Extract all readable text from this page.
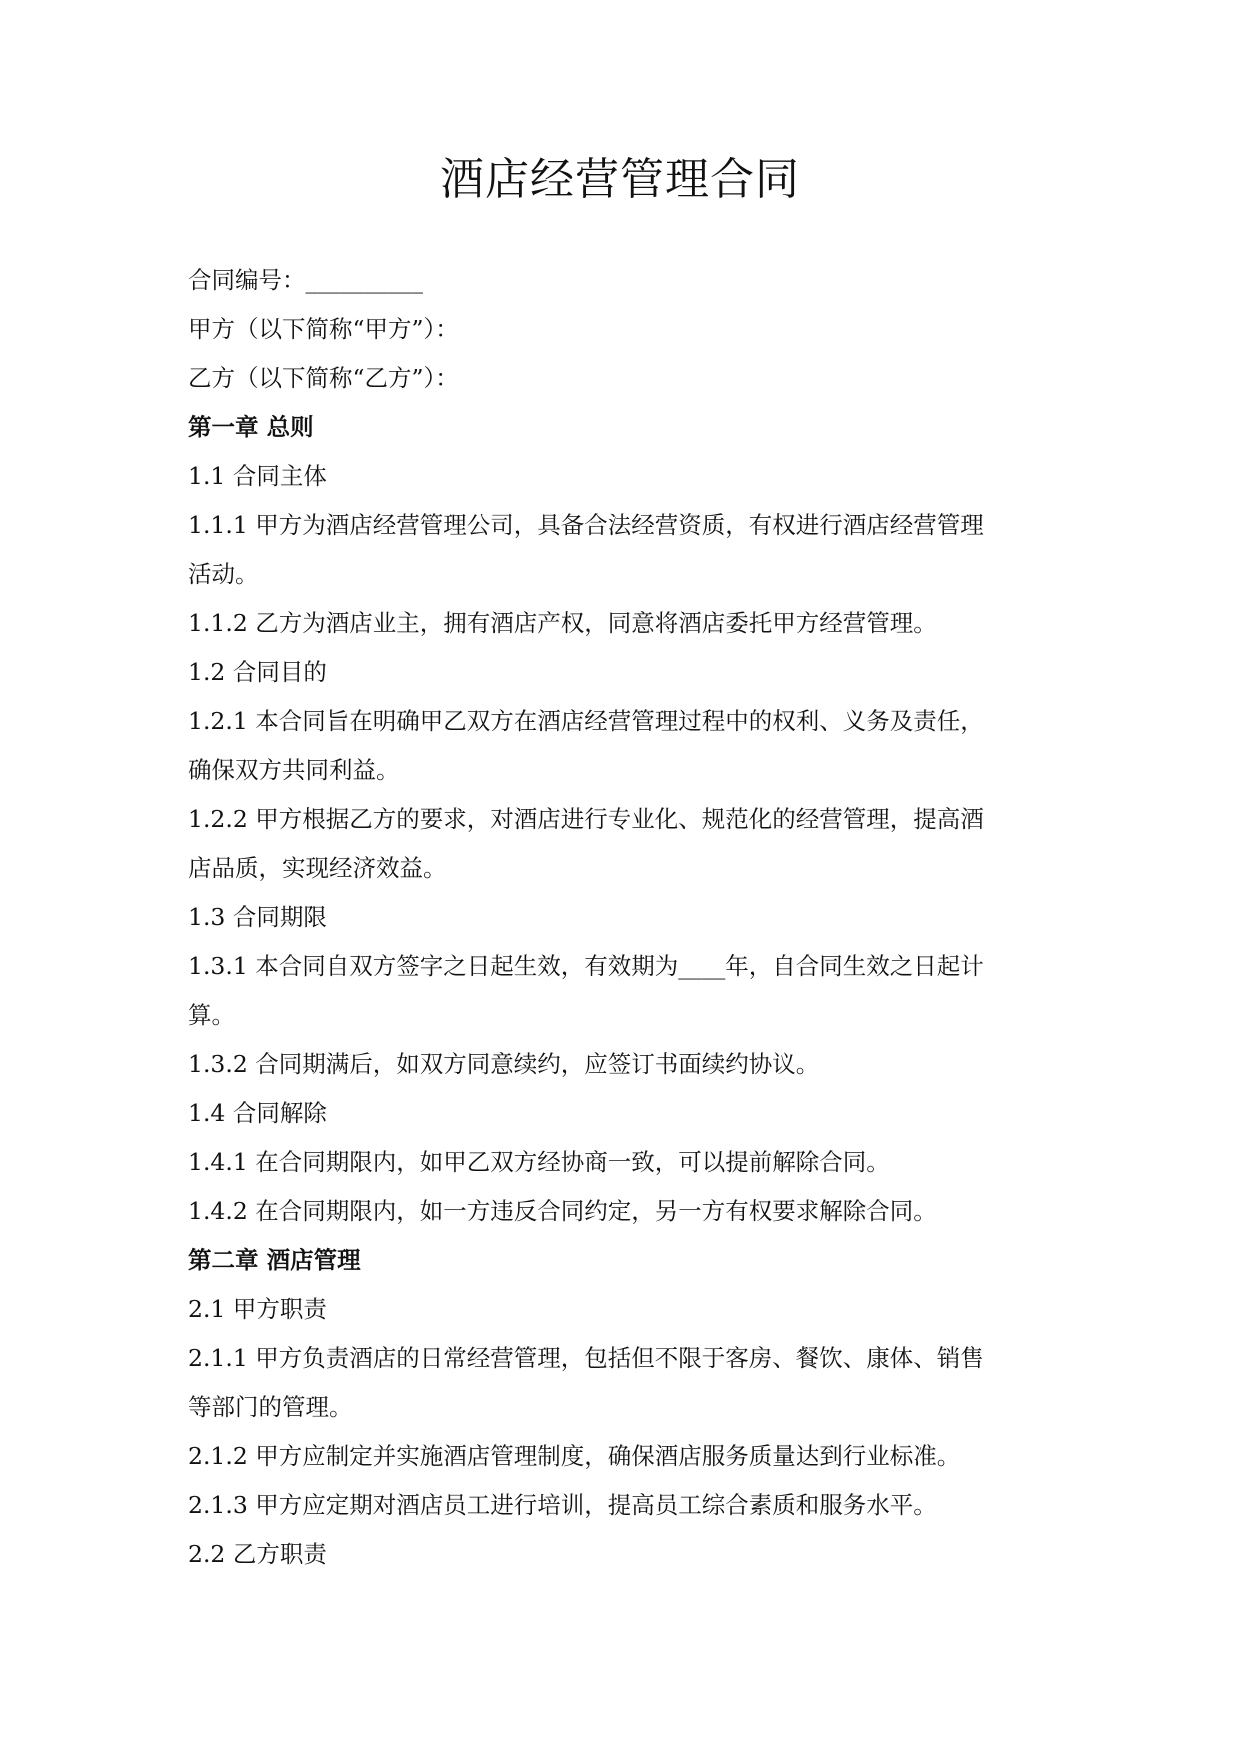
酒店经营管理合同

合同编号：__________

甲方（以下简称“甲方”）：

乙方（以下简称“乙方”）：

第一章 总则

1.1 合同主体

1.1.1 甲方为酒店经营管理公司，具备合法经营资质，有权进行酒店经营管理

活动。

1.1.2 乙方为酒店业主，拥有酒店产权，同意将酒店委托甲方经营管理。

1.2 合同目的

1.2.1 本合同旨在明确甲乙双方在酒店经营管理过程中的权利、义务及责任，

确保双方共同利益。

1.2.2 甲方根据乙方的要求，对酒店进行专业化、规范化的经营管理，提高酒

店品质，实现经济效益。

1.3 合同期限

1.3.1 本合同自双方签字之日起生效，有效期为____年，自合同生效之日起计

算。

1.3.2 合同期满后，如双方同意续约，应签订书面续约协议。

1.4 合同解除

1.4.1 在合同期限内，如甲乙双方经协商一致，可以提前解除合同。

1.4.2 在合同期限内，如一方违反合同约定，另一方有权要求解除合同。

第二章 酒店管理

2.1 甲方职责

2.1.1 甲方负责酒店的日常经营管理，包括但不限于客房、餐饮、康体、销售

等部门的管理。

2.1.2 甲方应制定并实施酒店管理制度，确保酒店服务质量达到行业标准。

2.1.3 甲方应定期对酒店员工进行培训，提高员工综合素质和服务水平。

2.2 乙方职责
